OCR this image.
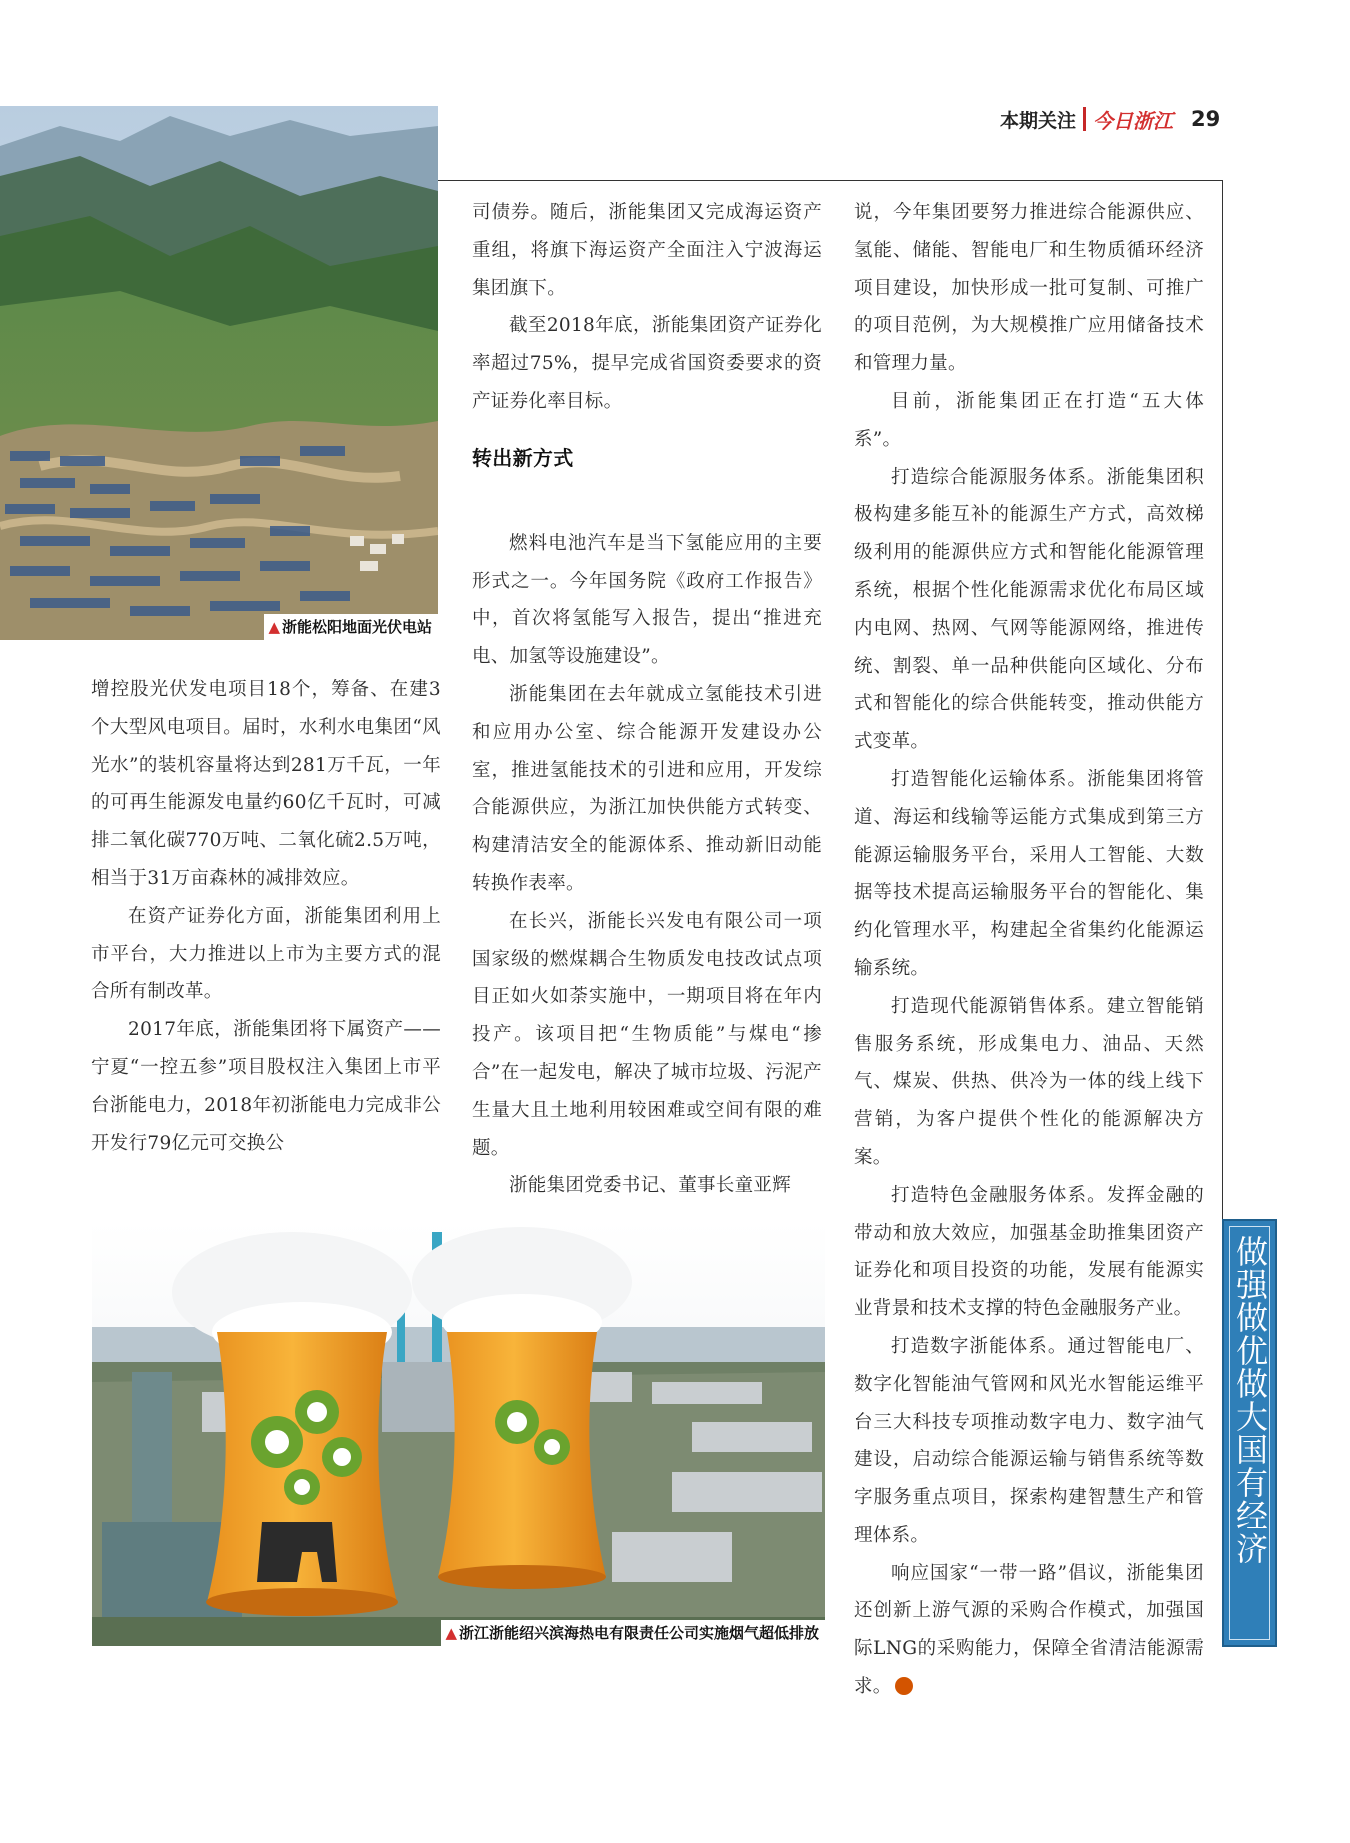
本期关注 今日浙江 29
▲ 浙能松阳地面光伏电站

增控股光伏发电项目18个，筹备、在建3个大型风电项目。届时，水利水电集团“风光水”的装机容量将达到281万千瓦，一年的可再生能源发电量约60亿千瓦时，可减排二氧化碳770万吨、二氧化硫2.5万吨，相当于31万亩森林的减排效应。

在资产证券化方面，浙能集团利用上市平台，大力推进以上市为主要方式的混合所有制改革。

2017年底，浙能集团将下属资产——宁夏“一控五参”项目股权注入集团上市平台浙能电力，2018年初浙能电力完成非公开发行79亿元可交换公

司债券。随后，浙能集团又完成海运资产重组，将旗下海运资产全面注入宁波海运集团旗下。

截至2018年底，浙能集团资产证券化率超过75%，提早完成省国资委要求的资产证券化率目标。

转出新方式

燃料电池汽车是当下氢能应用的主要形式之一。今年国务院《政府工作报告》中，首次将氢能写入报告，提出“推进充电、加氢等设施建设”。

浙能集团在去年就成立氢能技术引进和应用办公室、综合能源开发建设办公室，推进氢能技术的引进和应用，开发综合能源供应，为浙江加快供能方式转变、构建清洁安全的能源体系、推动新旧动能转换作表率。

在长兴，浙能长兴发电有限公司一项国家级的燃煤耦合生物质发电技改试点项目正如火如荼实施中，一期项目将在年内投产。该项目把“生物质能”与煤电“掺合”在一起发电，解决了城市垃圾、污泥产生量大且土地利用较困难或空间有限的难题。

浙能集团党委书记、董事长童亚辉

说，今年集团要努力推进综合能源供应、氢能、储能、智能电厂和生物质循环经济项目建设，加快形成一批可复制、可推广的项目范例，为大规模推广应用储备技术和管理力量。

目前，浙能集团正在打造“五大体系”。

打造综合能源服务体系。浙能集团积极构建多能互补的能源生产方式，高效梯级利用的能源供应方式和智能化能源管理系统，根据个性化能源需求优化布局区域内电网、热网、气网等能源网络，推进传统、割裂、单一品种供能向区域化、分布式和智能化的综合供能转变，推动供能方式变革。

打造智能化运输体系。浙能集团将管道、海运和线输等运能方式集成到第三方能源运输服务平台，采用人工智能、大数据等技术提高运输服务平台的智能化、集约化管理水平，构建起全省集约化能源运输系统。

打造现代能源销售体系。建立智能销售服务系统，形成集电力、油品、天然气、煤炭、供热、供冷为一体的线上线下营销，为客户提供个性化的能源解决方案。

打造特色金融服务体系。发挥金融的带动和放大效应，加强基金助推集团资产证券化和项目投资的功能，发展有能源实业背景和技术支撑的特色金融服务产业。

打造数字浙能体系。通过智能电厂、数字化智能油气管网和风光水智能运维平台三大科技专项推动数字电力、数字油气建设，启动综合能源运输与销售系统等数字服务重点项目，探索构建智慧生产和管理体系。

响应国家“一带一路”倡议，浙能集团还创新上游气源的采购合作模式，加强国际LNG的采购能力，保障全省清洁能源需求。

▲ 浙江浙能绍兴滨海热电有限责任公司实施烟气超低排放
做强做优做大国有经济
